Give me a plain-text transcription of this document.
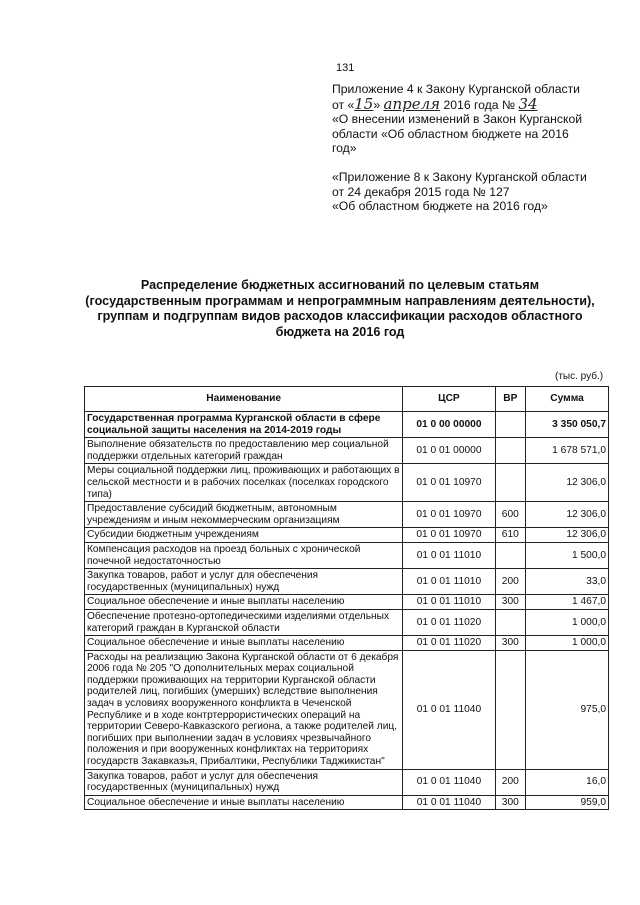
131
Приложение 4 к Закону Курганской области
от «15» апреля 2016 года № 34
«О внесении изменений в Закон Курганской
области «Об областном бюджете на 2016
год»
«Приложение 8 к Закону Курганской области
от 24 декабря 2015 года № 127
«Об областном бюджете на 2016 год»
Распределение бюджетных ассигнований по целевым статьям
(государственным программам и непрограммным направлениям деятельности),
группам и подгруппам видов расходов классификации расходов областного
бюджета на 2016 год
(тыс. руб.)
Наименование	ЦСР	ВР	Сумма
Государственная программа Курганской области в сфере социальной защиты населения на 2014-2019 годы	01 0 00 00000		3 350 050,7
Выполнение обязательств по предоставлению мер социальной поддержки отдельных категорий граждан	01 0 01 00000		1 678 571,0
Меры социальной поддержки лиц, проживающих и работающих в сельской местности и в рабочих поселках (поселках городского типа)	01 0 01 10970		12 306,0
Предоставление субсидий бюджетным, автономным учреждениям и иным некоммерческим организациям	01 0 01 10970	600	12 306,0
Субсидии бюджетным учреждениям	01 0 01 10970	610	12 306,0
Компенсация расходов на проезд больных с хронической почечной недостаточностью	01 0 01 11010		1 500,0
Закупка товаров, работ и услуг для обеспечения государственных (муниципальных) нужд	01 0 01 11010	200	33,0
Социальное обеспечение и иные выплаты населению	01 0 01 11010	300	1 467,0
Обеспечение протезно-ортопедическими изделиями отдельных категорий граждан в Курганской области	01 0 01 11020		1 000,0
Социальное обеспечение и иные выплаты населению	01 0 01 11020	300	1 000,0
Расходы на реализацию Закона Курганской области от 6 декабря 2006 года № 205 "О дополнительных мерах социальной поддержки проживающих на территории Курганской области родителей лиц, погибших (умерших) вследствие выполнения задач в условиях вооруженного конфликта в Чеченской Республике и в ходе контртеррористических операций на территории Северо-Кавказского региона, а также родителей лиц, погибших при выполнении задач в условиях чрезвычайного положения и при вооруженных конфликтах на территориях государств Закавказья, Прибалтики, Республики Таджикистан"	01 0 01 11040		975,0
Закупка товаров, работ и услуг для обеспечения государственных (муниципальных) нужд	01 0 01 11040	200	16,0
Социальное обеспечение и иные выплаты населению	01 0 01 11040	300	959,0
